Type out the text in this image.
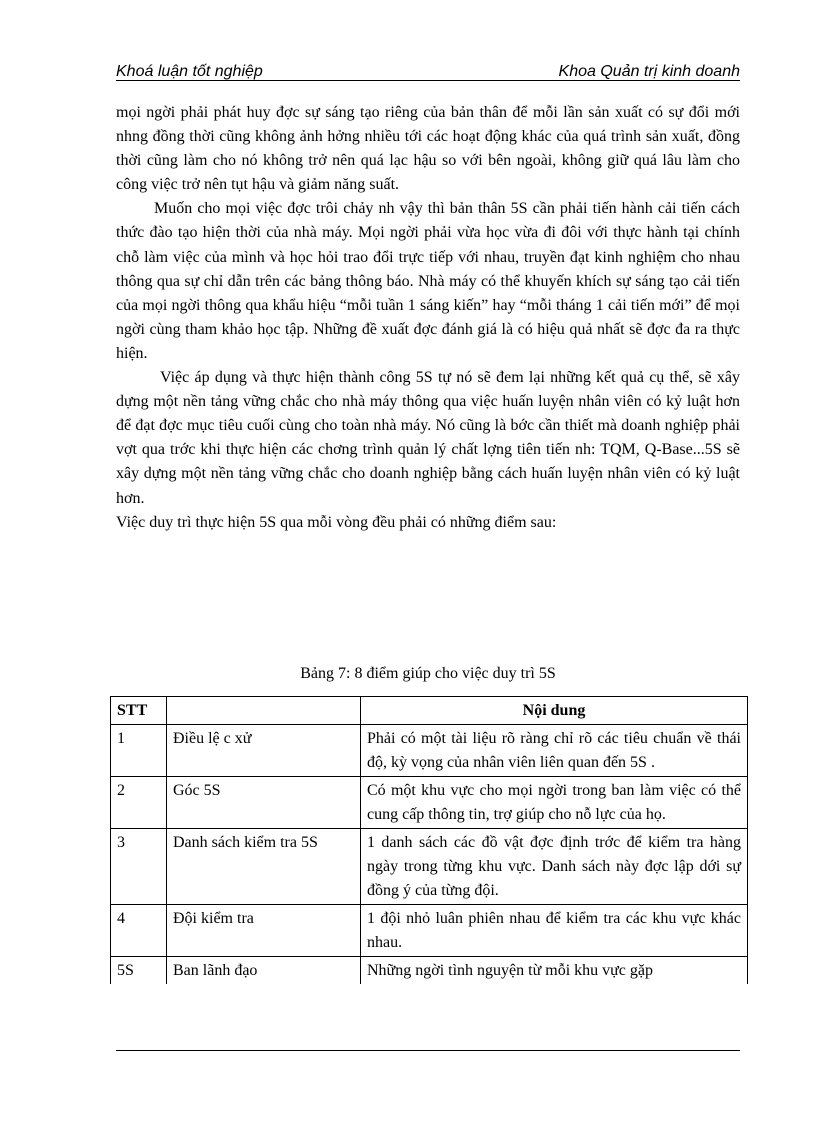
Khoá luận tốt nghiệp	Khoa Quản trị kinh doanh

mọi ngời phải phát huy đợc sự sáng tạo riêng của bản thân để mỗi lần sản xuất có sự đổi mới nhng đồng thời cũng không ảnh hởng nhiều tới các hoạt động khác của quá trình sản xuất, đồng thời cũng làm cho nó không trở nên quá lạc hậu so với bên ngoài, không giữ quá lâu làm cho công việc trở nên tụt hậu và giảm năng suất.

Muốn cho mọi việc đợc trôi chảy nh vậy thì bản thân 5S cần phải tiến hành cải tiến cách thức đào tạo hiện thời của nhà máy. Mọi ngời phải vừa học vừa đi đôi với thực hành tại chính chỗ làm việc của mình và học hỏi trao đổi trực tiếp với nhau, truyền đạt kinh nghiệm cho nhau thông qua sự chỉ dẫn trên các bảng thông báo. Nhà máy có thể khuyến khích sự sáng tạo cải tiến của mọi ngời thông qua khẩu hiệu “mỗi tuần 1 sáng kiến” hay “mỗi tháng 1 cải tiến mới” để mọi ngời cùng tham khảo học tập. Những đề xuất đợc đánh giá là có hiệu quả nhất sẽ đợc đa ra thực hiện.

Việc áp dụng và thực hiện thành công 5S tự nó sẽ đem lại những kết quả cụ thể, sẽ xây dựng một nền tảng vững chắc cho nhà máy thông qua việc huấn luyện nhân viên có kỷ luật hơn để đạt đợc mục tiêu cuối cùng cho toàn nhà máy. Nó cũng là bớc cần thiết mà doanh nghiệp phải vợt qua trớc khi thực hiện các chơng trình quản lý chất lợng tiên tiến nh: TQM, Q-Base...5S sẽ xây dựng một nền tảng vững chắc cho doanh nghiệp bằng cách huấn luyện nhân viên có kỷ luật hơn.

Việc duy trì thực hiện 5S qua mỗi vòng đều phải có những điểm sau:

Bảng 7: 8 điểm giúp cho việc duy trì 5S
STT		Nội dung
1	Điều lệ c xử	Phải có một tài liệu rõ ràng chỉ rõ các tiêu chuẩn về thái độ, kỳ vọng của nhân viên liên quan đến 5S .
2	Góc 5S	Có một khu vực cho mọi ngời trong ban làm việc có thể cung cấp thông tin, trợ giúp cho nỗ lực của họ.
3	Danh sách kiểm tra 5S	1 danh sách các đồ vật đợc định trớc để kiểm tra hàng ngày trong từng khu vực. Danh sách này đợc lập dới sự đồng ý của từng đội.
4	Đội kiểm tra	1 đội nhỏ luân phiên nhau để kiểm tra các khu vực khác nhau.
5S	Ban lãnh đạo	Những ngời tình nguyện từ mỗi khu vực gặp
